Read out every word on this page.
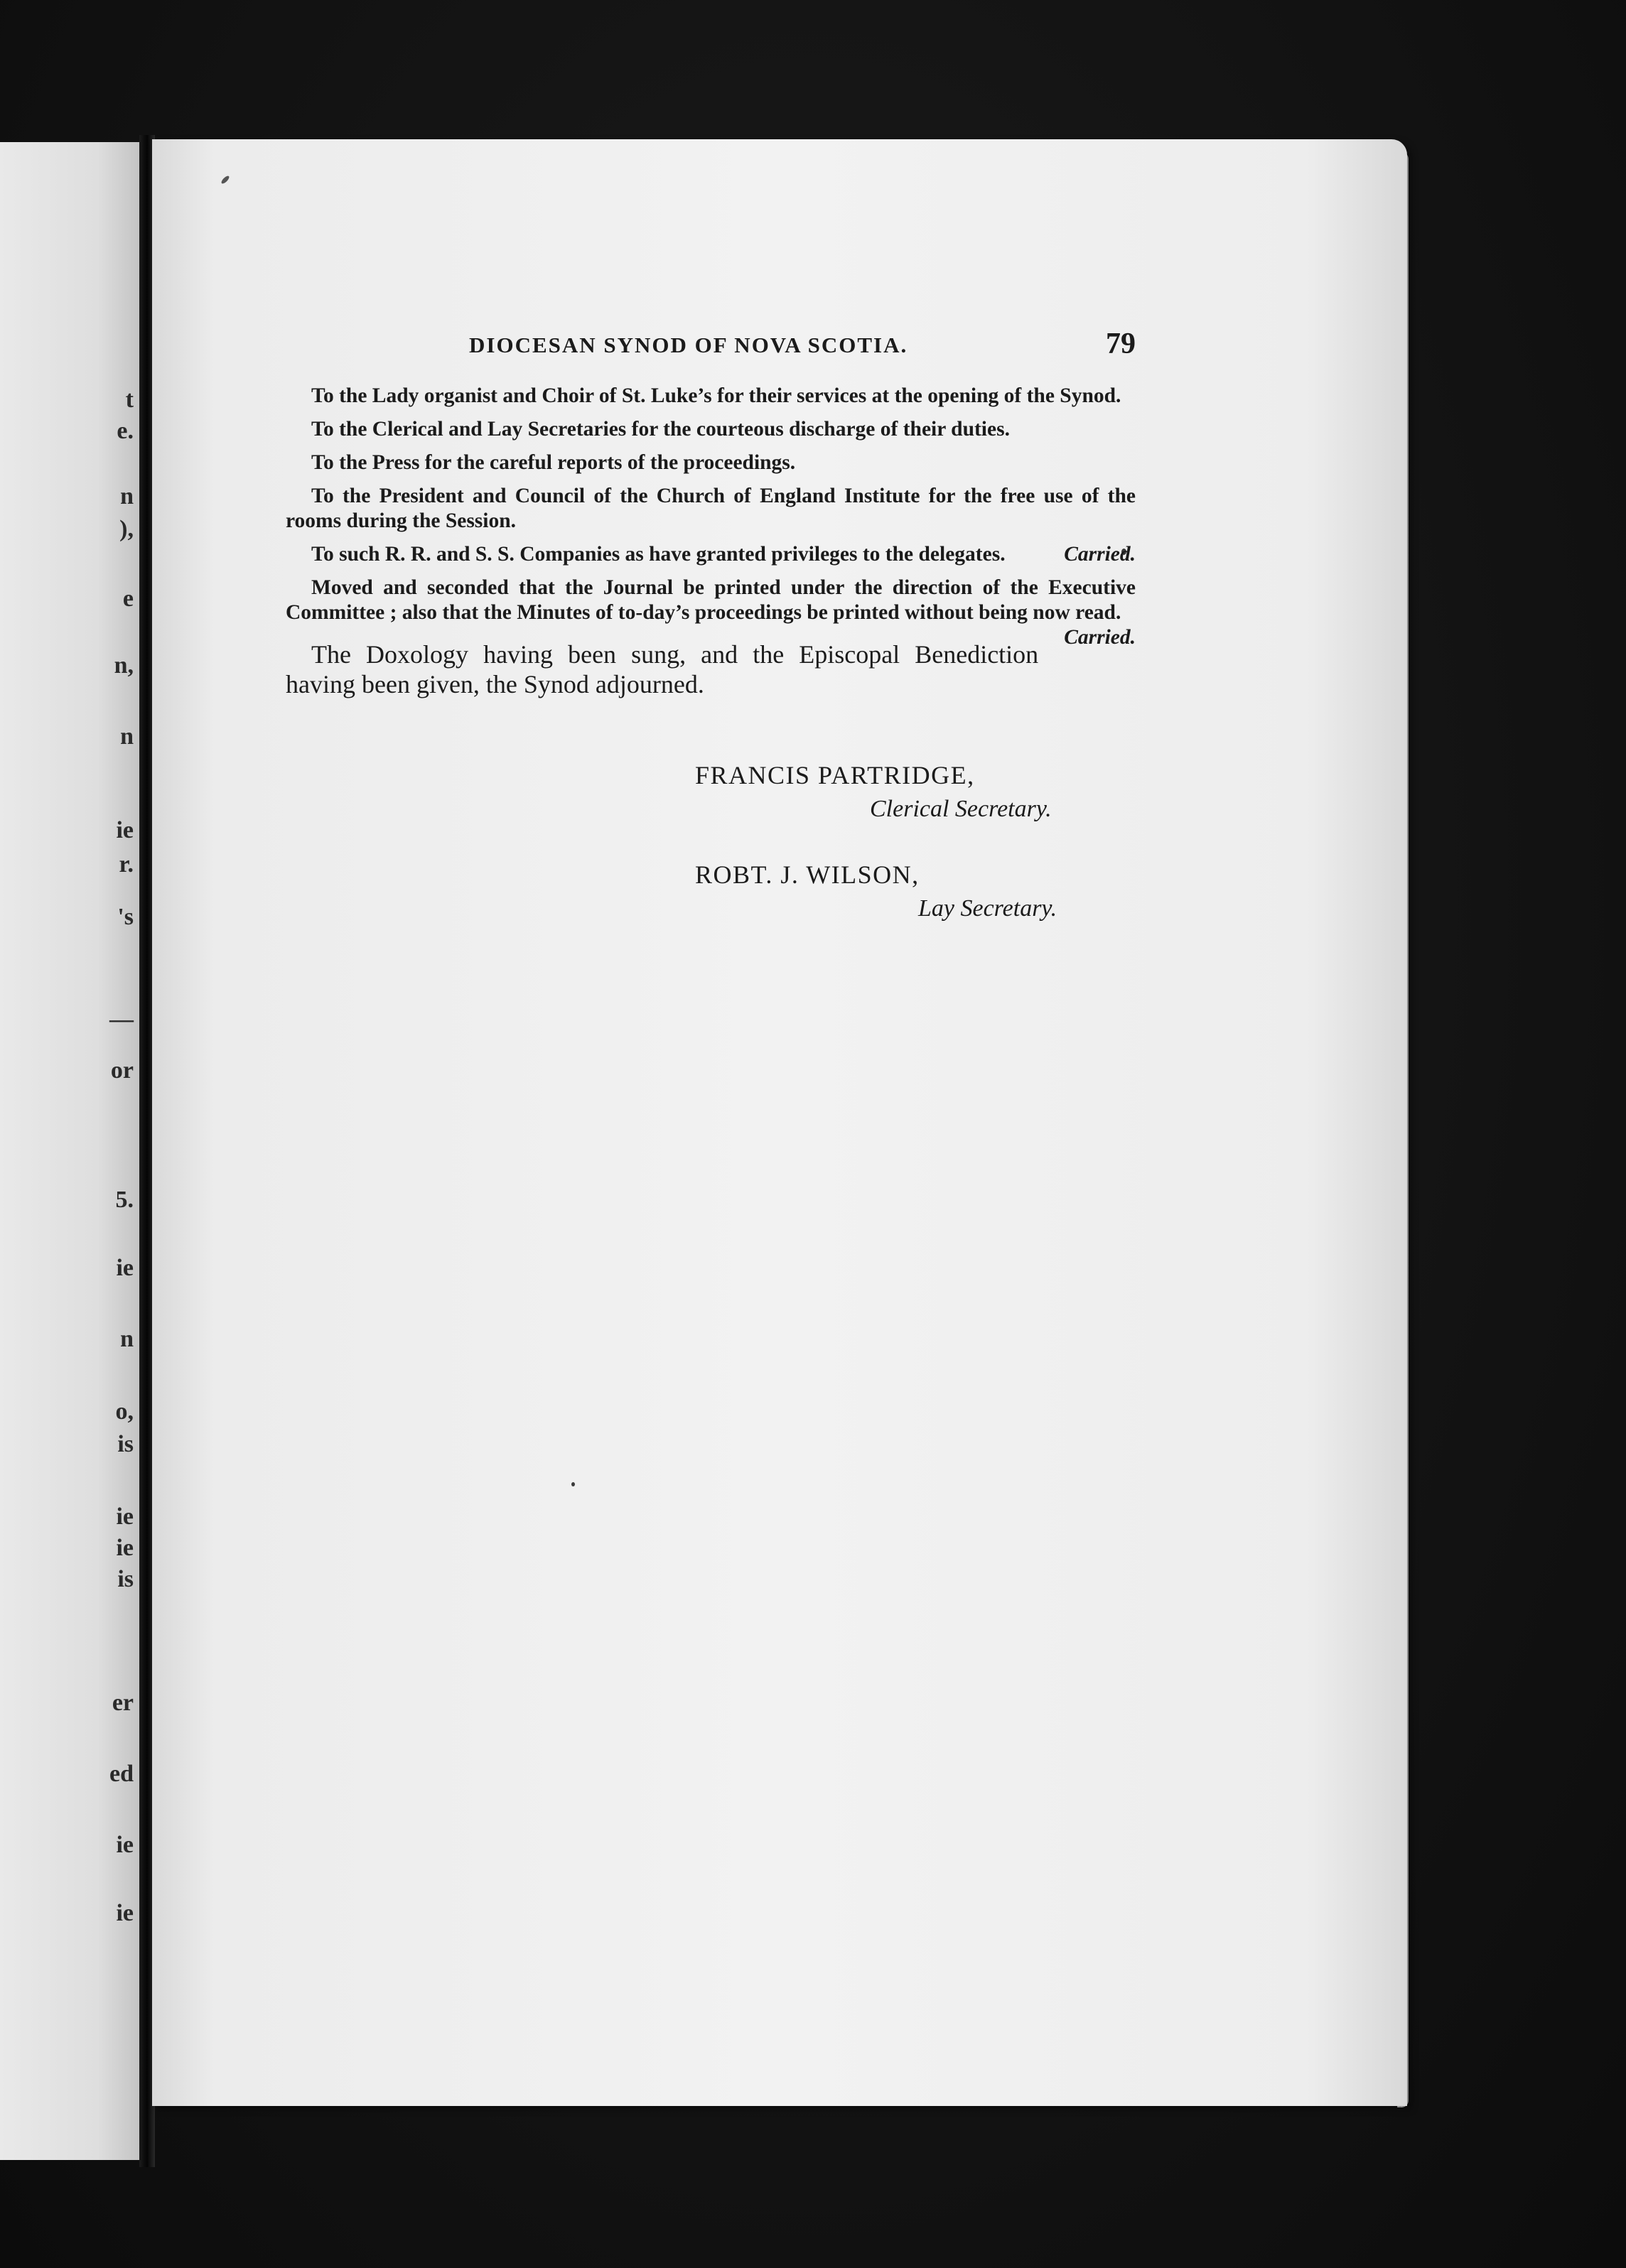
t
e.
n
),
e
n,
n
ie
r.
's
—
or
5.
ie
n
o,
is
ie
ie
is
er
ed
ie
ie
DIOCESAN SYNOD OF NOVA SCOTIA.	79

To the Lady organist and Choir of St. Luke’s for their services at the opening of the Synod.

To the Clerical and Lay Secretaries for the courteous discharge of their duties.

To the Press for the careful reports of the proceedings.

To the President and Council of the Church of England Institute for the free use of the rooms during the Session.

To such R. R. and S. S. Companies as have granted privileges to the delegates.	Carried.

Moved and seconded that the Journal be printed under the direction of the Executive Committee ; also that the Minutes of to-day’s proceedings be printed without being now read.
Carried.

The Doxology having been sung, and the Episcopal Benediction having been given, the Synod adjourned.

FRANCIS PARTRIDGE,
Clerical Secretary.
ROBT. J. WILSON,
Lay Secretary.
